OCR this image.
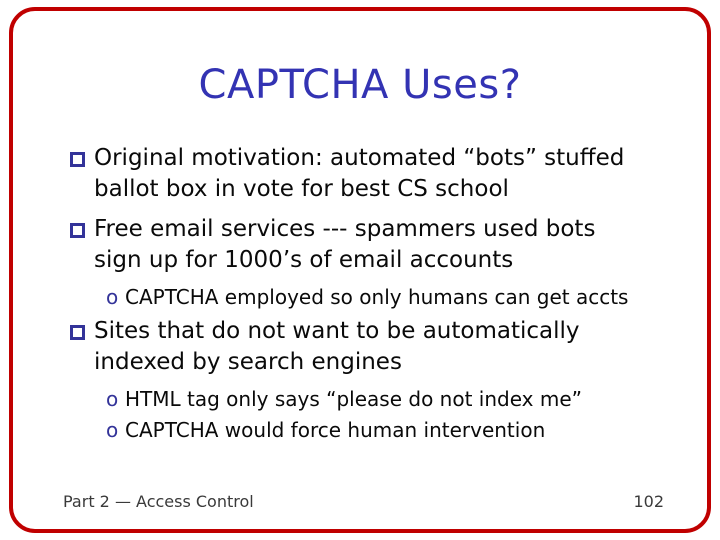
CAPTCHA Uses?
Original motivation: automated “bots” stuffed
ballot box in vote for best CS school
Free email services --- spammers used bots
sign up for 1000’s of email accounts
o CAPTCHA employed so only humans can get accts
Sites that do not want to be automatically
indexed by search engines
o HTML tag only says “please do not index me”
o CAPTCHA would force human intervention
Part 2 — Access Control	102
